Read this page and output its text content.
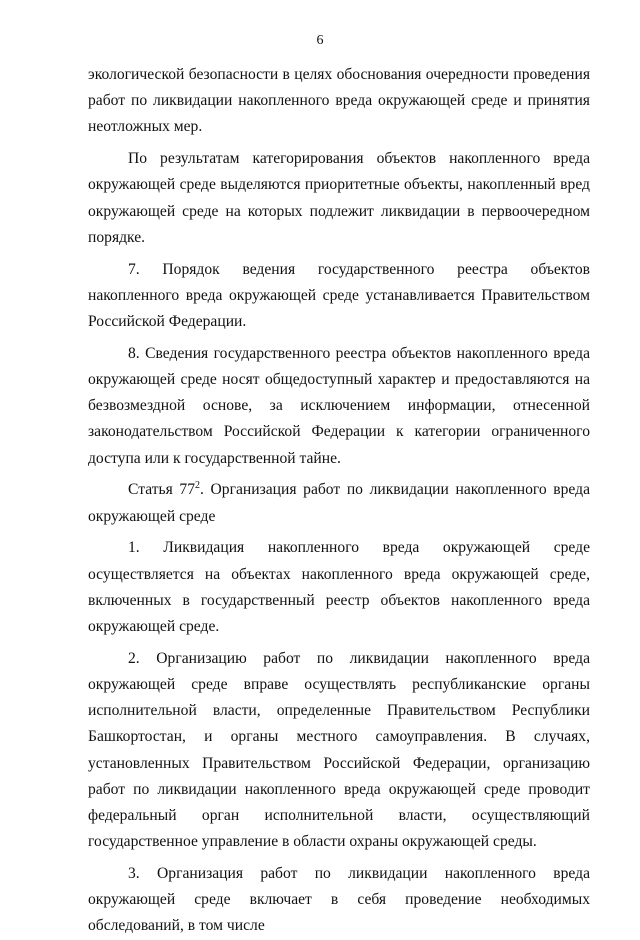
6

экологической безопасности в целях обоснования очередности проведения работ по ликвидации накопленного вреда окружающей среде и принятия неотложных мер.

По результатам категорирования объектов накопленного вреда окружающей среде выделяются приоритетные объекты, накопленный вред окружающей среде на которых подлежит ликвидации в первоочередном порядке.

7. Порядок ведения государственного реестра объектов накопленного вреда окружающей среде устанавливается Правительством Российской Федерации.

8. Сведения государственного реестра объектов накопленного вреда окружающей среде носят общедоступный характер и предоставляются на безвозмездной основе, за исключением информации, отнесенной законодательством Российской Федерации к категории ограниченного доступа или к государственной тайне.

Статья $77^2$. Организация работ по ликвидации накопленного вреда окружающей среде

1. Ликвидация накопленного вреда окружающей среде осуществляется на объектах накопленного вреда окружающей среде, включенных в государственный реестр объектов накопленного вреда окружающей среде.

2. Организацию работ по ликвидации накопленного вреда окружающей среде вправе осуществлять республиканские органы исполнительной власти, определенные Правительством Республики Башкортостан, и органы местного самоуправления. В случаях, установленных Правительством Российской Федерации, организацию работ по ликвидации накопленного вреда окружающей среде проводит федеральный орган исполнительной власти, осуществляющий государственное управление в области охраны окружающей среды.

3. Организация работ по ликвидации накопленного вреда окружающей среде включает в себя проведение необходимых обследований, в том числе
